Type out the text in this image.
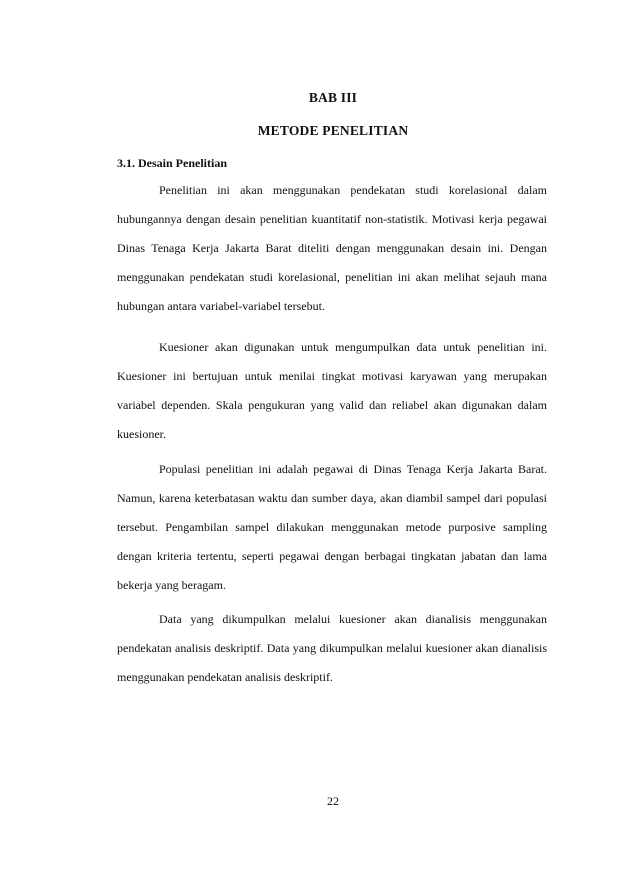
BAB III
METODE PENELITIAN
3.1. Desain Penelitian

Penelitian ini akan menggunakan pendekatan studi korelasional dalam hubungannya dengan desain penelitian kuantitatif non-statistik. Motivasi kerja pegawai Dinas Tenaga Kerja Jakarta Barat diteliti dengan menggunakan desain ini. Dengan menggunakan pendekatan studi korelasional, penelitian ini akan melihat sejauh mana hubungan antara variabel-variabel tersebut.

Kuesioner akan digunakan untuk mengumpulkan data untuk penelitian ini. Kuesioner ini bertujuan untuk menilai tingkat motivasi karyawan yang merupakan variabel dependen. Skala pengukuran yang valid dan reliabel akan digunakan dalam kuesioner.

Populasi penelitian ini adalah pegawai di Dinas Tenaga Kerja Jakarta Barat. Namun, karena keterbatasan waktu dan sumber daya, akan diambil sampel dari populasi tersebut. Pengambilan sampel dilakukan menggunakan metode purposive sampling dengan kriteria tertentu, seperti pegawai dengan berbagai tingkatan jabatan dan lama bekerja yang beragam.

Data yang dikumpulkan melalui kuesioner akan dianalisis menggunakan pendekatan analisis deskriptif. Data yang dikumpulkan melalui kuesioner akan dianalisis menggunakan pendekatan analisis deskriptif.

22
